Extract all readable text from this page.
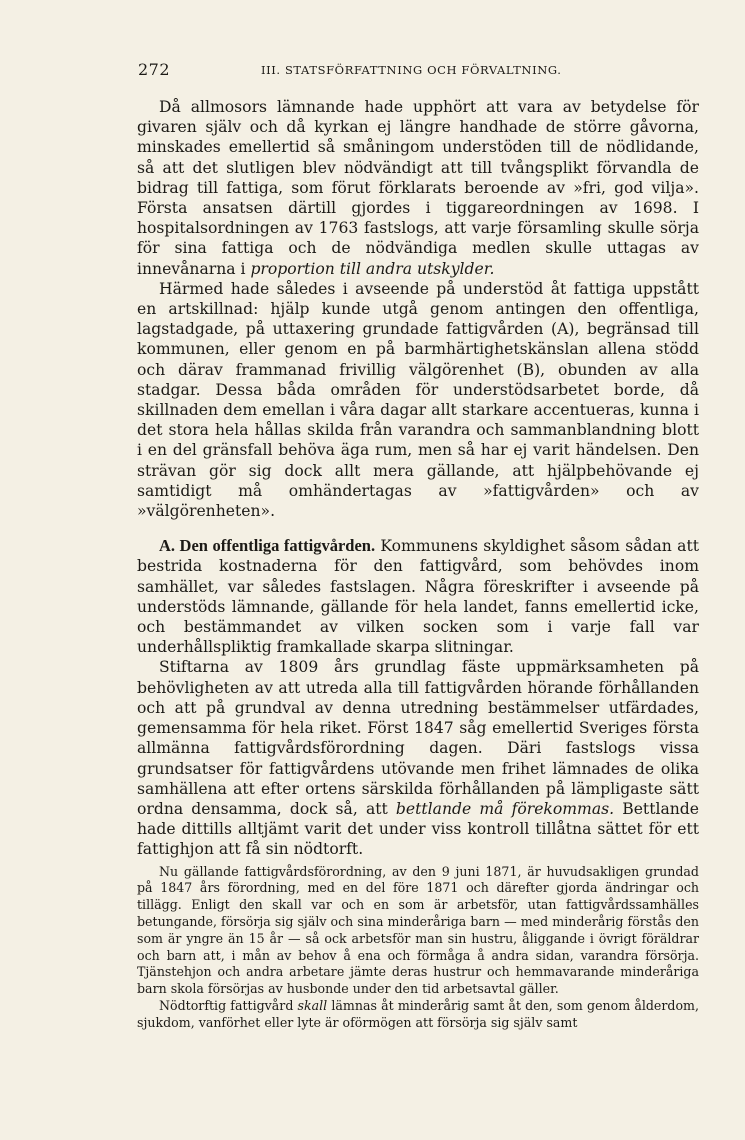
272	III. STATSFÖRFATTNING OCH FÖRVALTNING.

Då allmosors lämnande hade upphört att vara av betydelse för givaren själv och då kyrkan ej längre handhade de större gåvorna, minskades emellertid så småningom understöden till de nödlidande, så att det slutligen blev nödvändigt att till tvångsplikt förvandla de bidrag till fattiga, som förut förklarats beroende av »fri, god vilja». Första ansatsen därtill gjordes i tiggareordningen av 1698. I hospitalsordningen av 1763 fastslogs, att varje församling skulle sörja för sina fattiga och de nödvändiga medlen skulle uttagas av innevånarna i proportion till andra utskylder.

Härmed hade således i avseende på understöd åt fattiga uppstått en artskillnad: hjälp kunde utgå genom antingen den offentliga, lagstadgade, på uttaxering grundade fattigvården (A), begränsad till kommunen, eller genom en på barmhärtighetskänslan allena stödd och därav frammanad frivillig välgörenhet (B), obunden av alla stadgar. Dessa båda områden för understödsarbetet borde, då skillnaden dem emellan i våra dagar allt starkare accentueras, kunna i det stora hela hållas skilda från varandra och sammanblandning blott i en del gränsfall behöva äga rum, men så har ej varit händelsen. Den strävan gör sig dock allt mera gällande, att hjälpbehövande ej samtidigt må omhändertagas av »fattigvården» och av »välgörenheten».

A. Den offentliga fattigvården. Kommunens skyldighet såsom sådan att bestrida kostnaderna för den fattigvård, som behövdes inom samhället, var således fastslagen. Några föreskrifter i avseende på understöds lämnande, gällande för hela landet, fanns emellertid icke, och bestämmandet av vilken socken som i varje fall var underhållspliktig framkallade skarpa slitningar.

Stiftarna av 1809 års grundlag fäste uppmärksamheten på behövligheten av att utreda alla till fattigvården hörande förhållanden och att på grundval av denna utredning bestämmelser utfärdades, gemensamma för hela riket. Först 1847 såg emellertid Sveriges första allmänna fattigvårdsförordning dagen. Däri fastslogs vissa grundsatser för fattigvårdens utövande men frihet lämnades de olika samhällena att efter ortens särskilda förhållanden på lämpligaste sätt ordna densamma, dock så, att bettlande må förekommas. Bettlande hade dittills alltjämt varit det under viss kontroll tillåtna sättet för ett fattighjon att få sin nödtorft.

Nu gällande fattigvårdsförordning, av den 9 juni 1871, är huvudsakligen grundad på 1847 års förordning, med en del före 1871 och därefter gjorda ändringar och tillägg. Enligt den skall var och en som är arbetsför, utan fattigvårdssamhälles betungande, försörja sig själv och sina minderåriga barn — med minderårig förstås den som är yngre än 15 år — så ock arbetsför man sin hustru, åliggande i övrigt föräldrar och barn att, i mån av behov å ena och förmåga å andra sidan, varandra försörja. Tjänstehjon och andra arbetare jämte deras hustrur och hemmavarande minderåriga barn skola försörjas av husbonde under den tid arbetsavtal gäller.

Nödtorftig fattigvård skall lämnas åt minderårig samt åt den, som genom ålderdom, sjukdom, vanförhet eller lyte är oförmögen att försörja sig själv samt
